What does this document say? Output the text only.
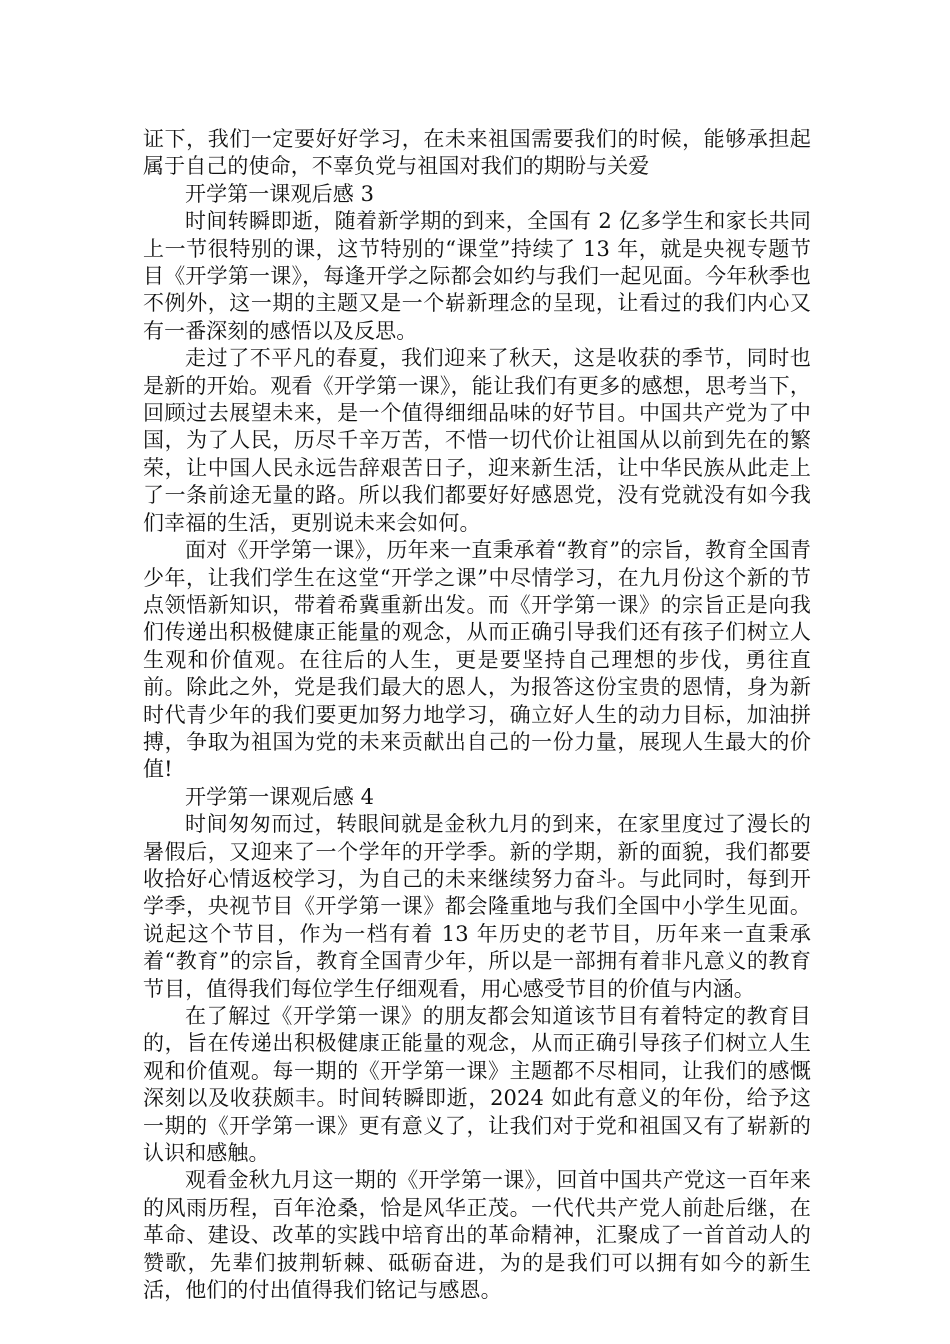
证下，我们一定要好好学习，在未来祖国需要我们的时候，能够承担起属于自己的使命，不辜负党与祖国对我们的期盼与关爱

开学第一课观后感 3

时间转瞬即逝，随着新学期的到来，全国有 2 亿多学生和家长共同上一节很特别的课，这节特别的“课堂”持续了 13 年，就是央视专题节目《开学第一课》，每逢开学之际都会如约与我们一起见面。今年秋季也不例外，这一期的主题又是一个崭新理念的呈现，让看过的我们内心又有一番深刻的感悟以及反思。

走过了不平凡的春夏，我们迎来了秋天，这是收获的季节，同时也是新的开始。观看《开学第一课》，能让我们有更多的感想，思考当下，回顾过去展望未来，是一个值得细细品味的好节目。中国共产党为了中国，为了人民，历尽千辛万苦，不惜一切代价让祖国从以前到先在的繁荣，让中国人民永远告辞艰苦日子，迎来新生活，让中华民族从此走上了一条前途无量的路。所以我们都要好好感恩党，没有党就没有如今我们幸福的生活，更别说未来会如何。

面对《开学第一课》，历年来一直秉承着“教育”的宗旨，教育全国青少年，让我们学生在这堂“开学之课”中尽情学习，在九月份这个新的节点领悟新知识，带着希冀重新出发。而《开学第一课》的宗旨正是向我们传递出积极健康正能量的观念，从而正确引导我们还有孩子们树立人生观和价值观。在往后的人生，更是要坚持自己理想的步伐，勇往直前。除此之外，党是我们最大的恩人，为报答这份宝贵的恩情，身为新时代青少年的我们要更加努力地学习，确立好人生的动力目标，加油拼搏，争取为祖国为党的未来贡献出自己的一份力量，展现人生最大的价值!

开学第一课观后感 4

时间匆匆而过，转眼间就是金秋九月的到来，在家里度过了漫长的暑假后，又迎来了一个学年的开学季。新的学期，新的面貌，我们都要收拾好心情返校学习，为自己的未来继续努力奋斗。与此同时，每到开学季，央视节目《开学第一课》都会隆重地与我们全国中小学生见面。说起这个节目，作为一档有着 13 年历史的老节目，历年来一直秉承着“教育”的宗旨，教育全国青少年，所以是一部拥有着非凡意义的教育节目，值得我们每位学生仔细观看，用心感受节目的价值与内涵。

在了解过《开学第一课》的朋友都会知道该节目有着特定的教育目的，旨在传递出积极健康正能量的观念，从而正确引导孩子们树立人生观和价值观。每一期的《开学第一课》主题都不尽相同，让我们的感慨深刻以及收获颇丰。时间转瞬即逝，2024 如此有意义的年份，给予这一期的《开学第一课》更有意义了，让我们对于党和祖国又有了崭新的认识和感触。

观看金秋九月这一期的《开学第一课》，回首中国共产党这一百年来的风雨历程，百年沧桑，恰是风华正茂。一代代共产党人前赴后继，在革命、建设、改革的实践中培育出的革命精神，汇聚成了一首首动人的赞歌，先辈们披荆斩棘、砥砺奋进，为的是我们可以拥有如今的新生活，他们的付出值得我们铭记与感恩。
